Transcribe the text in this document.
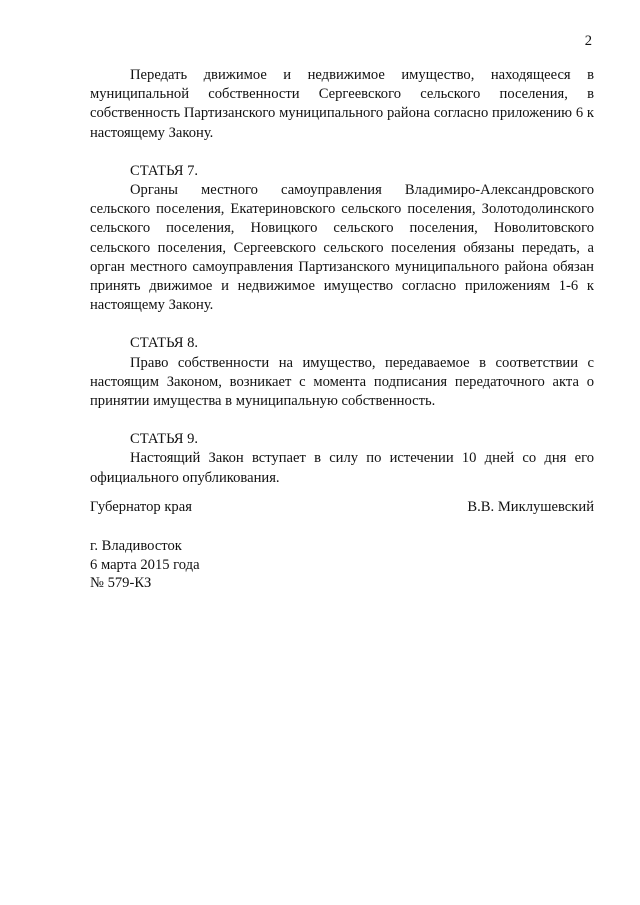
2

Передать движимое и недвижимое имущество, находящееся в муниципальной собственности Сергеевского сельского поселения, в собственность Партизанского муниципального района согласно приложению 6 к настоящему Закону.

СТАТЬЯ 7.

Органы местного самоуправления Владимиро-Александровского сельского поселения, Екатериновского сельского поселения, Золотодолинского сельского поселения, Новицкого сельского поселения, Новолитовского сельского поселения, Сергеевского сельского поселения обязаны передать, а орган местного самоуправления Партизанского муниципального района обязан принять движимое и недвижимое имущество согласно приложениям 1-6 к настоящему Закону.

СТАТЬЯ 8.

Право собственности на имущество, передаваемое в соответствии с настоящим Законом, возникает с момента подписания передаточного акта о принятии имущества в муниципальную собственность.

СТАТЬЯ 9.

Настоящий Закон вступает в силу по истечении 10 дней со дня его официального опубликования.

Губернатор края	В.В. Миклушевский
г. Владивосток
6 марта 2015 года
№ 579-КЗ
